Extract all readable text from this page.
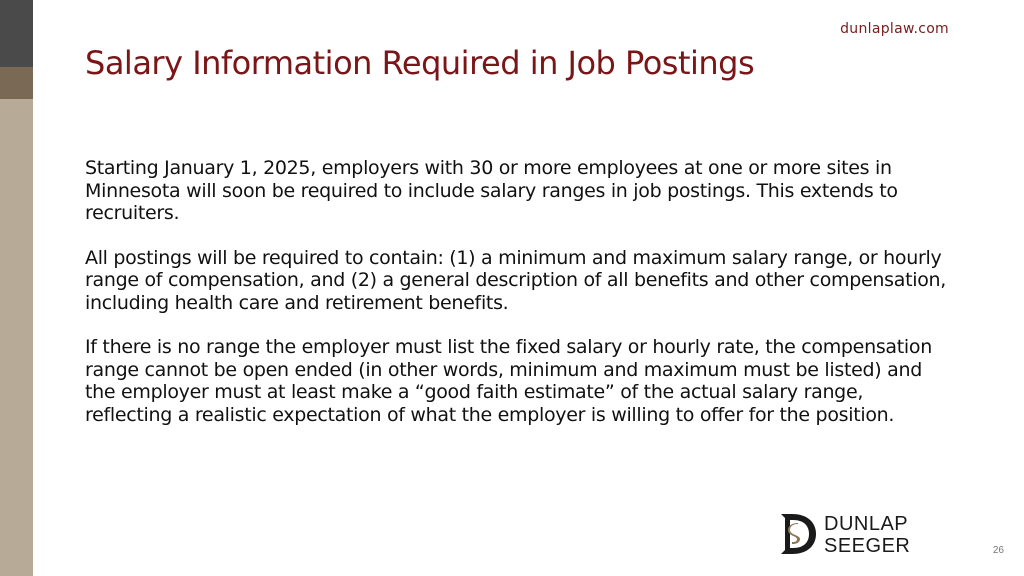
dunlaplaw.com
Salary Information Required in Job Postings

Starting January 1, 2025, employers with 30 or more employees at one or more sites in Minnesota will soon be required to include salary ranges in job postings. This extends to recruiters.

All postings will be required to contain: (1) a minimum and maximum salary range, or hourly range of compensation, and (2) a general description of all benefits and other compensation, including health care and retirement benefits.

If there is no range the employer must list the fixed salary or hourly rate, the compensation range cannot be open ended (in other words, minimum and maximum must be listed) and the employer must at least make a “good faith estimate” of the actual salary range, reflecting a realistic expectation of what the employer is willing to offer for the position.

DUNLAP
SEEGER	26
